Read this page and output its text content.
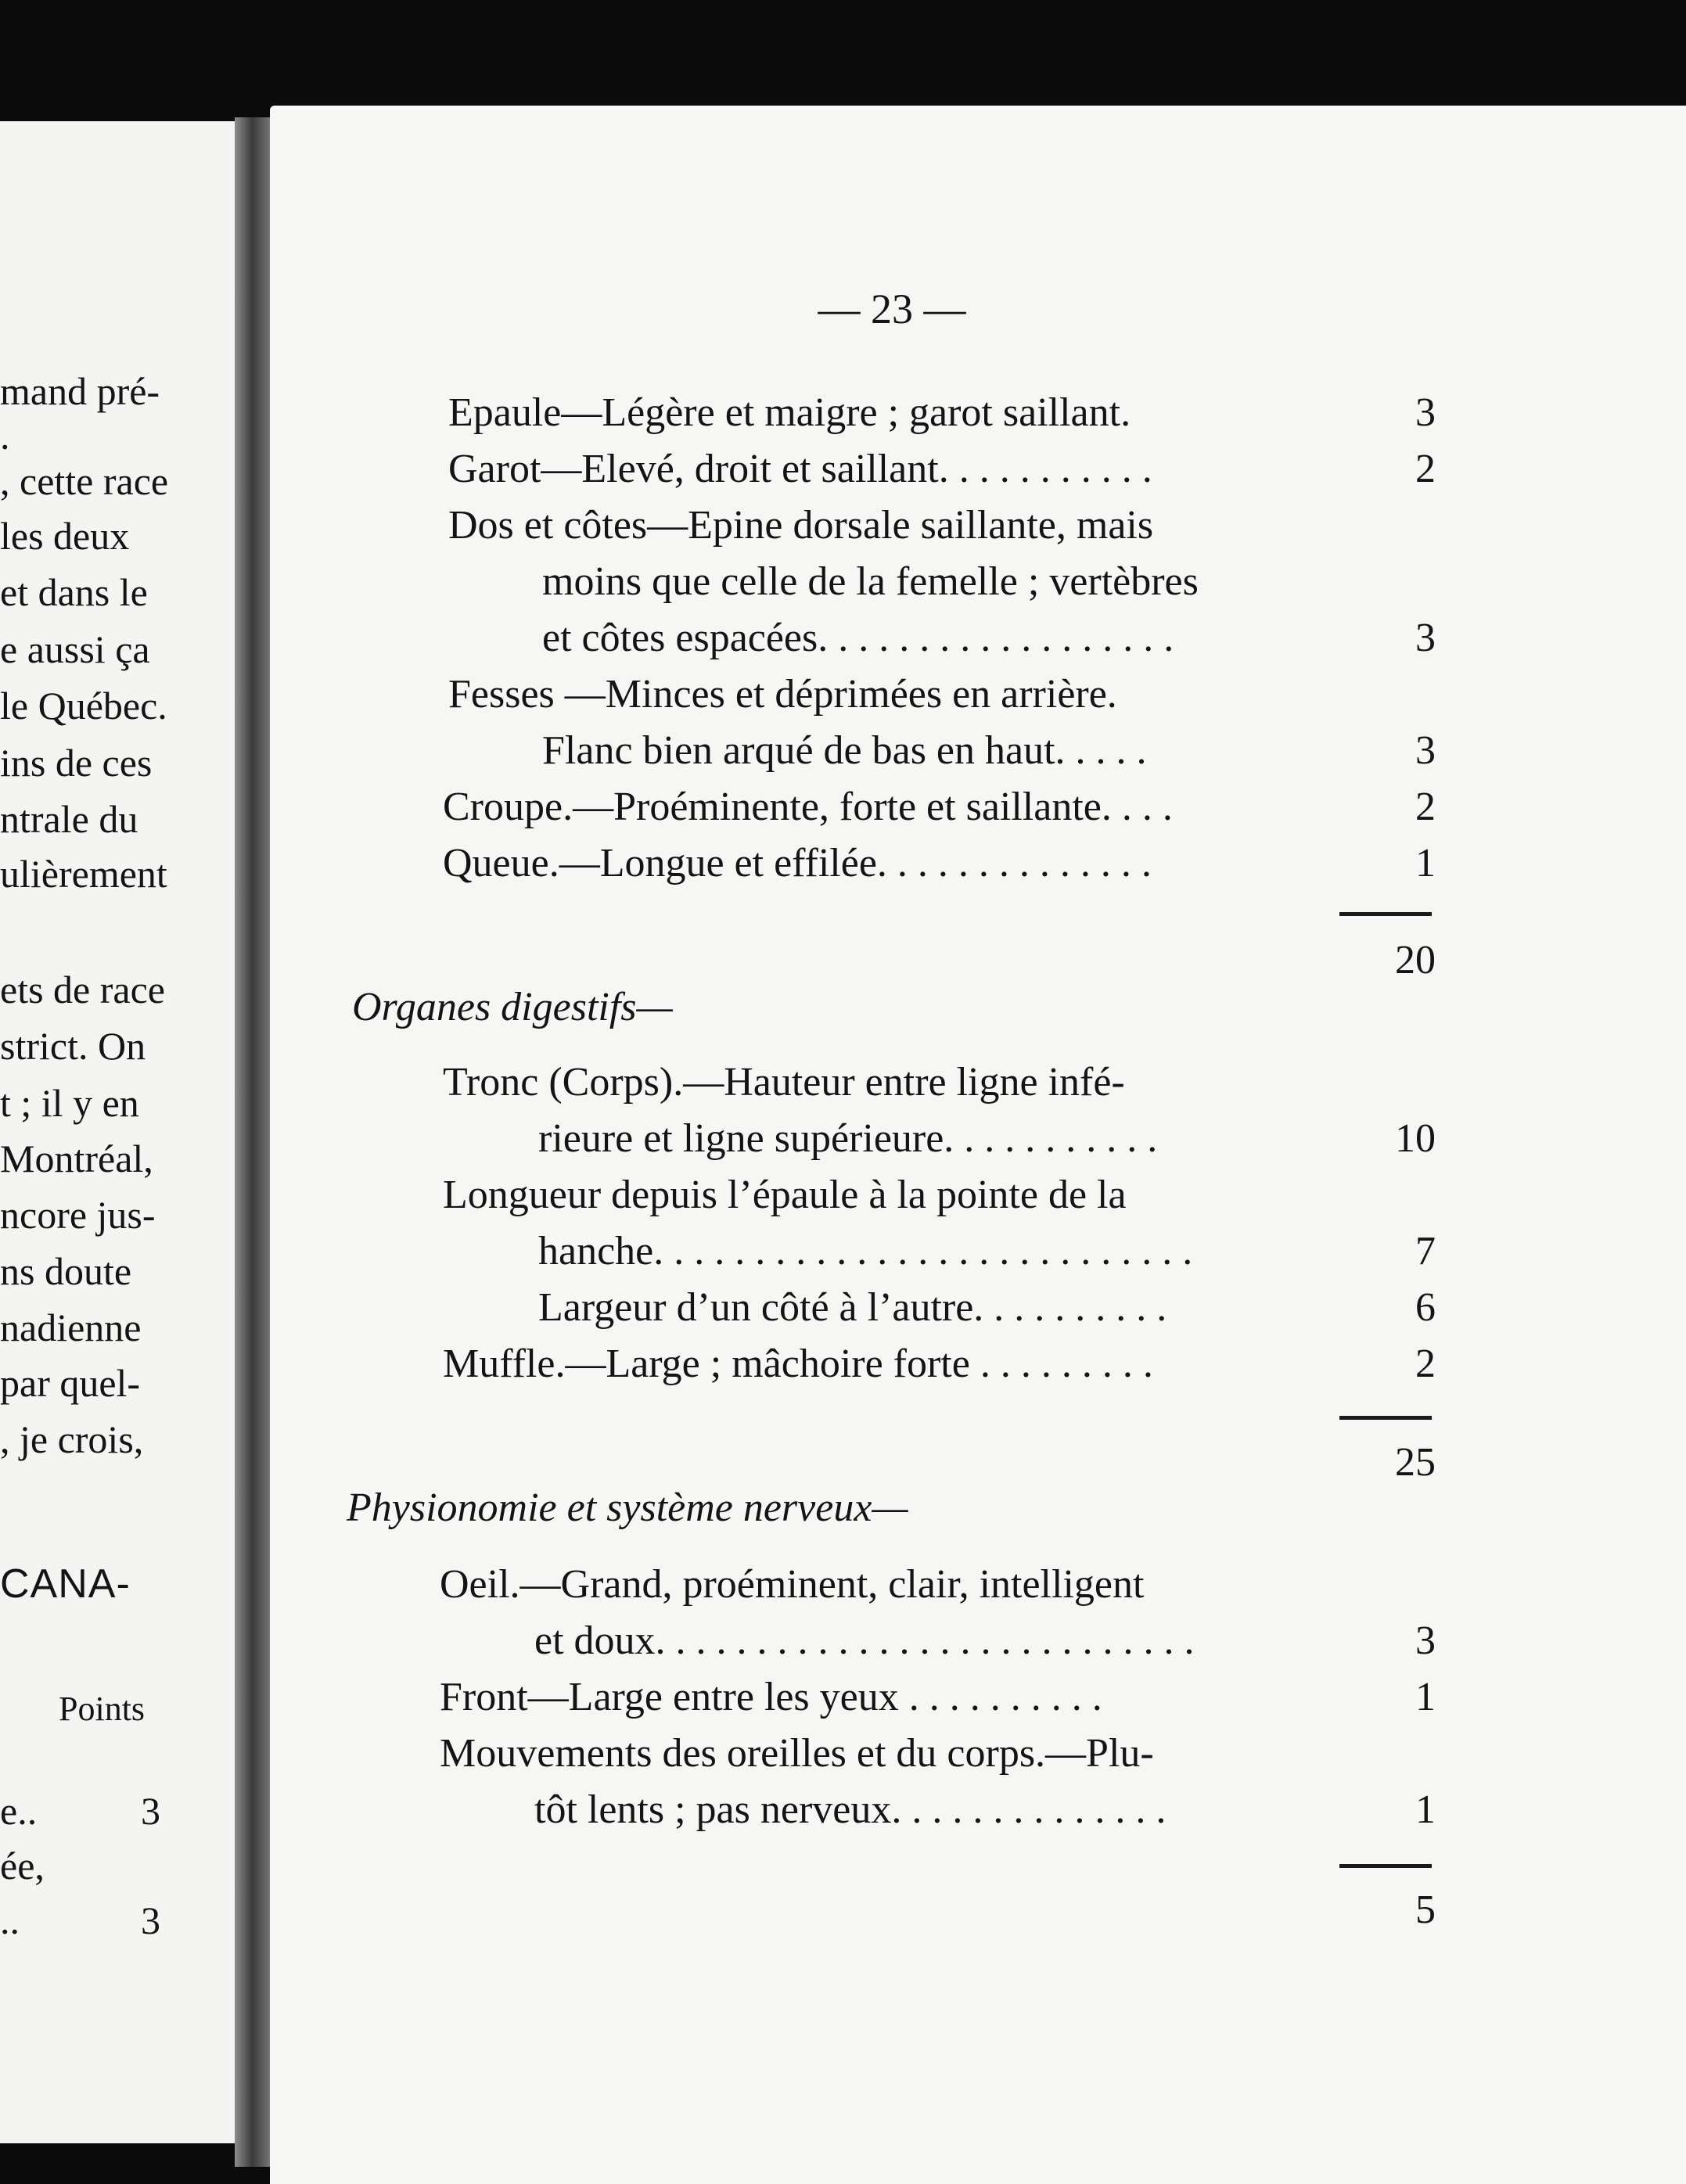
mand pré-
.
, cette race
les deux
et dans le
e aussi ça
le Québec.
ins de ces
ntrale du
ulièrement
ets de race
strict. On
t ; il y en
Montréal,
ncore jus-
ns doute
nadienne
par quel-
, je crois,
CANA-
Points
e..	3
ée,
..	3
— 23 —
Epaule—Légère et maigre ; garot saillant.	3
Garot—Elevé, droit et saillant. . . . . . . . . . .	2
Dos et côtes—Epine dorsale saillante, mais
moins que celle de la femelle ; vertèbres
et côtes espacées. . . . . . . . . . . . . . . . . .	3
Fesses —Minces et déprimées en arrière.
Flanc bien arqué de bas en haut. . . . .	3
Croupe.—Proéminente, forte et saillante. . . .	2
Queue.—Longue et effilée. . . . . . . . . . . . . .	1
20
Organes digestifs—
Tronc (Corps).—Hauteur entre ligne infé-
rieure et ligne supérieure. . . . . . . . . . .	10
Longueur depuis l’épaule à la pointe de la
hanche. . . . . . . . . . . . . . . . . . . . . . . . . . .	7
Largeur d’un côté à l’autre. . . . . . . . . .	6
Muffle.—Large ; mâchoire forte . . . . . . . . .	2
25
Physionomie et système nerveux—
Oeil.—Grand, proéminent, clair, intelligent
et doux. . . . . . . . . . . . . . . . . . . . . . . . . . .	3
Front—Large entre les yeux . . . . . . . . . .	1
Mouvements des oreilles et du corps.—Plu-
tôt lents ; pas nerveux. . . . . . . . . . . . . .	1
5
